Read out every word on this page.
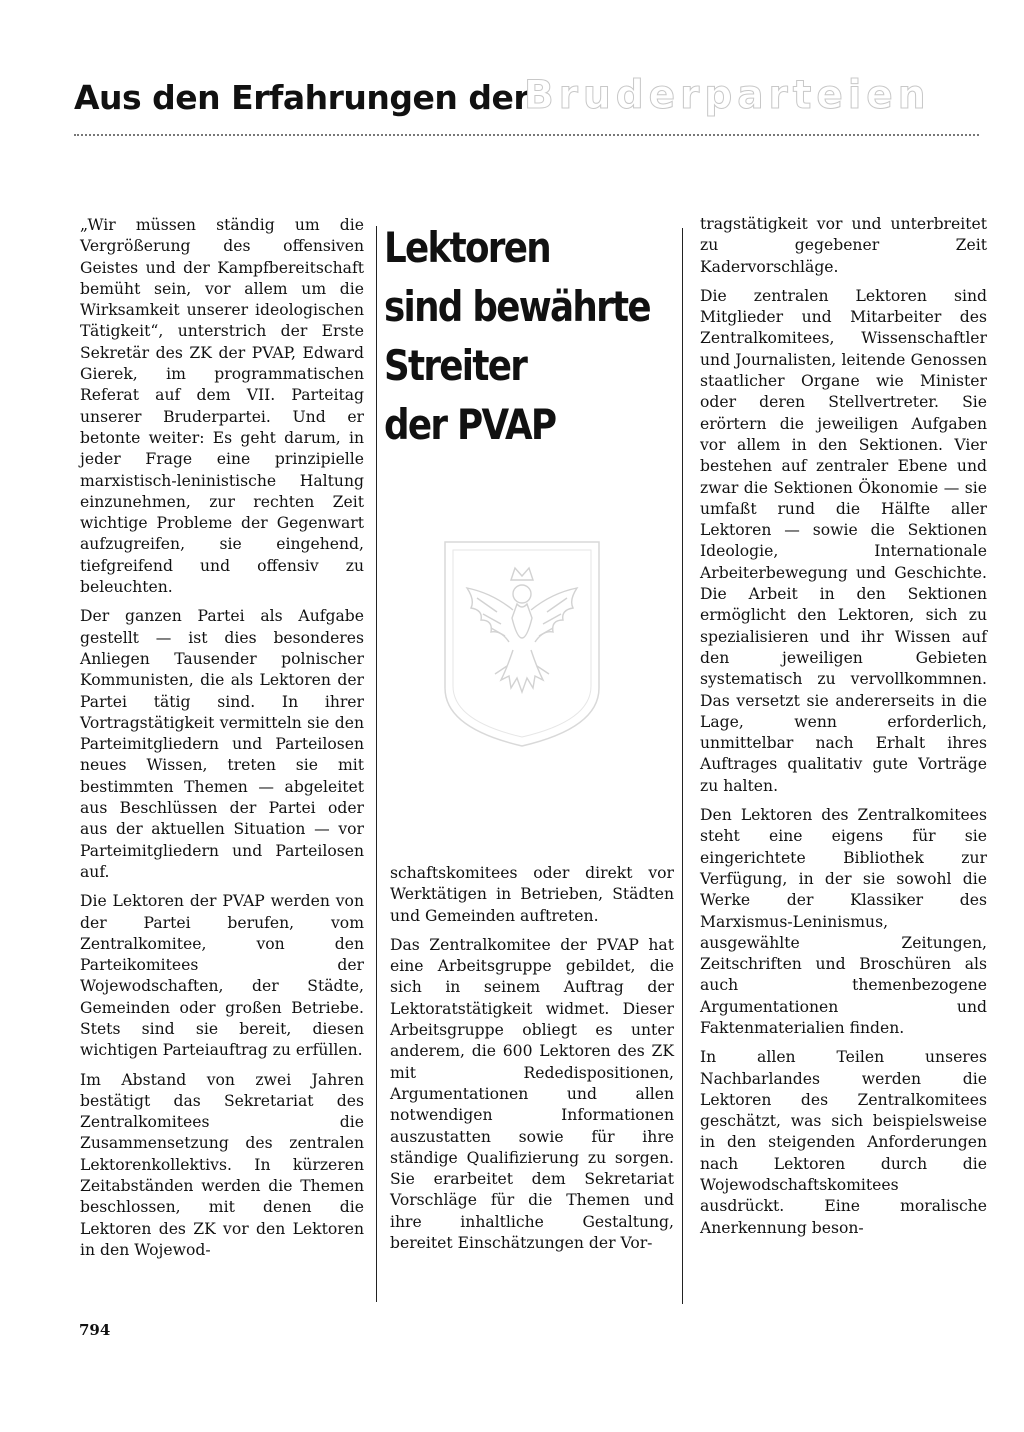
Aus den Erfahrungen der
Bruderparteien

„Wir müssen ständig um die Vergrößerung des offensiven Geistes und der Kampfbereitschaft bemüht sein, vor allem um die Wirksamkeit unserer ideologischen Tätigkeit“, unterstrich der Erste Sekretär des ZK der PVAP, Edward Gierek, im programmatischen Referat auf dem VII. Parteitag unserer Bruderpartei. Und er betonte weiter: Es geht darum, in jeder Frage eine prinzipielle marxistisch-leninistische Haltung einzunehmen, zur rechten Zeit wichtige Probleme der Gegenwart aufzugreifen, sie eingehend, tiefgreifend und offensiv zu beleuchten.

Der ganzen Partei als Aufgabe gestellt — ist dies besonderes Anliegen Tausender polnischer Kommunisten, die als Lektoren der Partei tätig sind. In ihrer Vortragstätigkeit vermitteln sie den Parteimitgliedern und Parteilosen neues Wissen, treten sie mit bestimmten Themen — abgeleitet aus Beschlüssen der Partei oder aus der aktuellen Situation — vor Parteimitgliedern und Parteilosen auf.

Die Lektoren der PVAP werden von der Partei berufen, vom Zentralkomitee, von den Parteikomitees der Wojewodschaften, der Städte, Gemeinden oder großen Betriebe. Stets sind sie bereit, diesen wichtigen Parteiauftrag zu erfüllen.

Im Abstand von zwei Jahren bestätigt das Sekretariat des Zentralkomitees die Zusammensetzung des zentralen Lektorenkollektivs. In kürzeren Zeitabständen werden die Themen beschlossen, mit denen die Lektoren des ZK vor den Lektoren in den Wojewod-

Lektoren
sind bewährte
Streiter
der PVAP

schaftskomitees oder direkt vor Werktätigen in Betrieben, Städten und Gemeinden auftreten.

Das Zentralkomitee der PVAP hat eine Arbeitsgruppe gebildet, die sich in seinem Auftrag der Lektoratstätigkeit widmet. Dieser Arbeitsgruppe obliegt es unter anderem, die 600 Lektoren des ZK mit Rededispositionen, Argumentationen und allen notwendigen Informationen auszustatten sowie für ihre ständige Qualifizierung zu sorgen. Sie erarbeitet dem Sekretariat Vorschläge für die Themen und ihre inhaltliche Gestaltung, bereitet Einschätzungen der Vor-

tragstätigkeit vor und unterbreitet zu gegebener Zeit Kadervorschläge.

Die zentralen Lektoren sind Mitglieder und Mitarbeiter des Zentralkomitees, Wissenschaftler und Journalisten, leitende Genossen staatlicher Organe wie Minister oder deren Stellvertreter. Sie erörtern die jeweiligen Aufgaben vor allem in den Sektionen. Vier bestehen auf zentraler Ebene und zwar die Sektionen Ökonomie — sie umfaßt rund die Hälfte aller Lektoren — sowie die Sektionen Ideologie, Internationale Arbeiterbewegung und Geschichte. Die Arbeit in den Sektionen ermöglicht den Lektoren, sich zu spezialisieren und ihr Wissen auf den jeweiligen Gebieten systematisch zu vervollkommnen. Das versetzt sie andererseits in die Lage, wenn erforderlich, unmittelbar nach Erhalt ihres Auftrages qualitativ gute Vorträge zu halten.

Den Lektoren des Zentralkomitees steht eine eigens für sie eingerichtete Bibliothek zur Verfügung, in der sie sowohl die Werke der Klassiker des Marxismus-Leninismus, ausgewählte Zeitungen, Zeitschriften und Broschüren als auch themenbezogene Argumentationen und Faktenmaterialien finden.

In allen Teilen unseres Nachbarlandes werden die Lektoren des Zentralkomitees geschätzt, was sich beispielsweise in den steigenden Anforderungen nach Lektoren durch die Wojewodschaftskomitees ausdrückt. Eine moralische Anerkennung beson-

794
